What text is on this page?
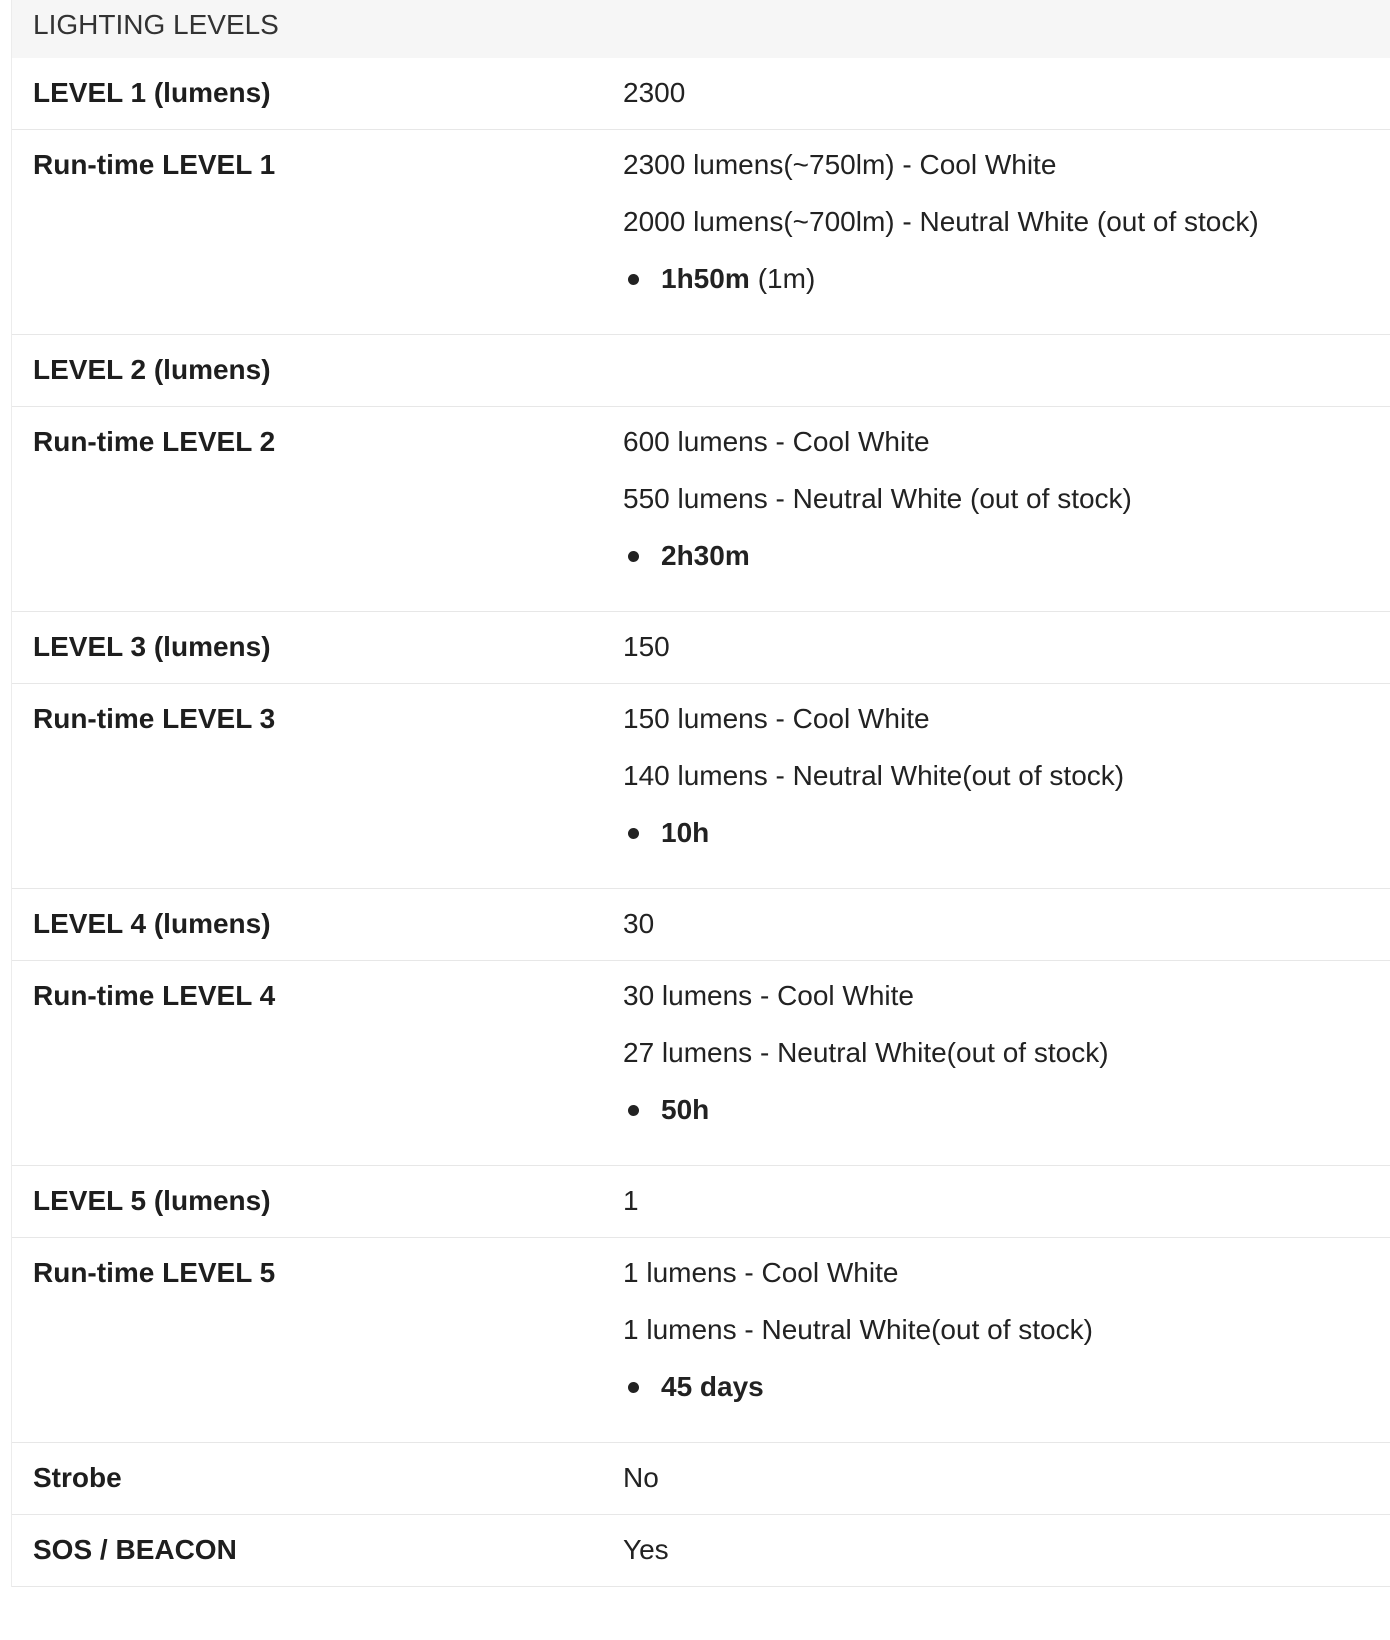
LIGHTING LEVELS
LEVEL 1 (lumens)	2300
Run-time LEVEL 1	2300 lumens(~750lm) - Cool White

2000 lumens(~700lm) - Neutral White (out of stock)

1h50m (1m)

LEVEL 2 (lumens)	
Run-time LEVEL 2	600 lumens - Cool White

550 lumens - Neutral White (out of stock)

2h30m

LEVEL 3 (lumens)	150
Run-time LEVEL 3	150 lumens - Cool White

140 lumens - Neutral White(out of stock)

10h

LEVEL 4 (lumens)	30
Run-time LEVEL 4	30 lumens - Cool White

27 lumens - Neutral White(out of stock)

50h

LEVEL 5 (lumens)	1
Run-time LEVEL 5	1 lumens - Cool White

1 lumens - Neutral White(out of stock)

45 days

Strobe	No
SOS / BEACON	Yes
